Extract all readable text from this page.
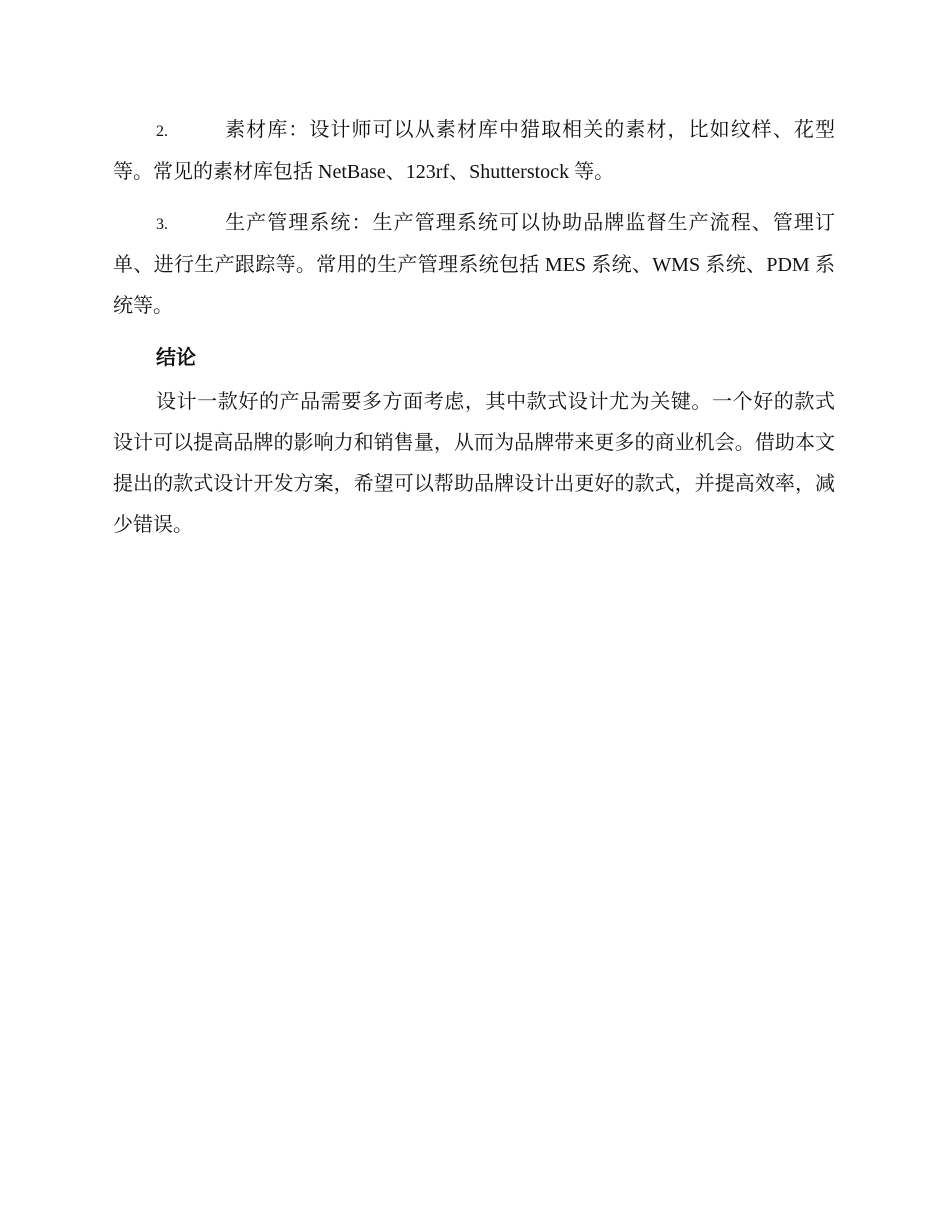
2.	素材库：设计师可以从素材库中猎取相关的素材，比如纹样、花型等。常见的素材库包括 NetBase、123rf、Shutterstock 等。

3.	生产管理系统：生产管理系统可以协助品牌监督生产流程、管理订单、进行生产跟踪等。常用的生产管理系统包括 MES 系统、WMS 系统、PDM 系统等。

结论

设计一款好的产品需要多方面考虑，其中款式设计尤为关键。一个好的款式设计可以提高品牌的影响力和销售量，从而为品牌带来更多的商业机会。借助本文提出的款式设计开发方案，希望可以帮助品牌设计出更好的款式，并提高效率，减少错误。
